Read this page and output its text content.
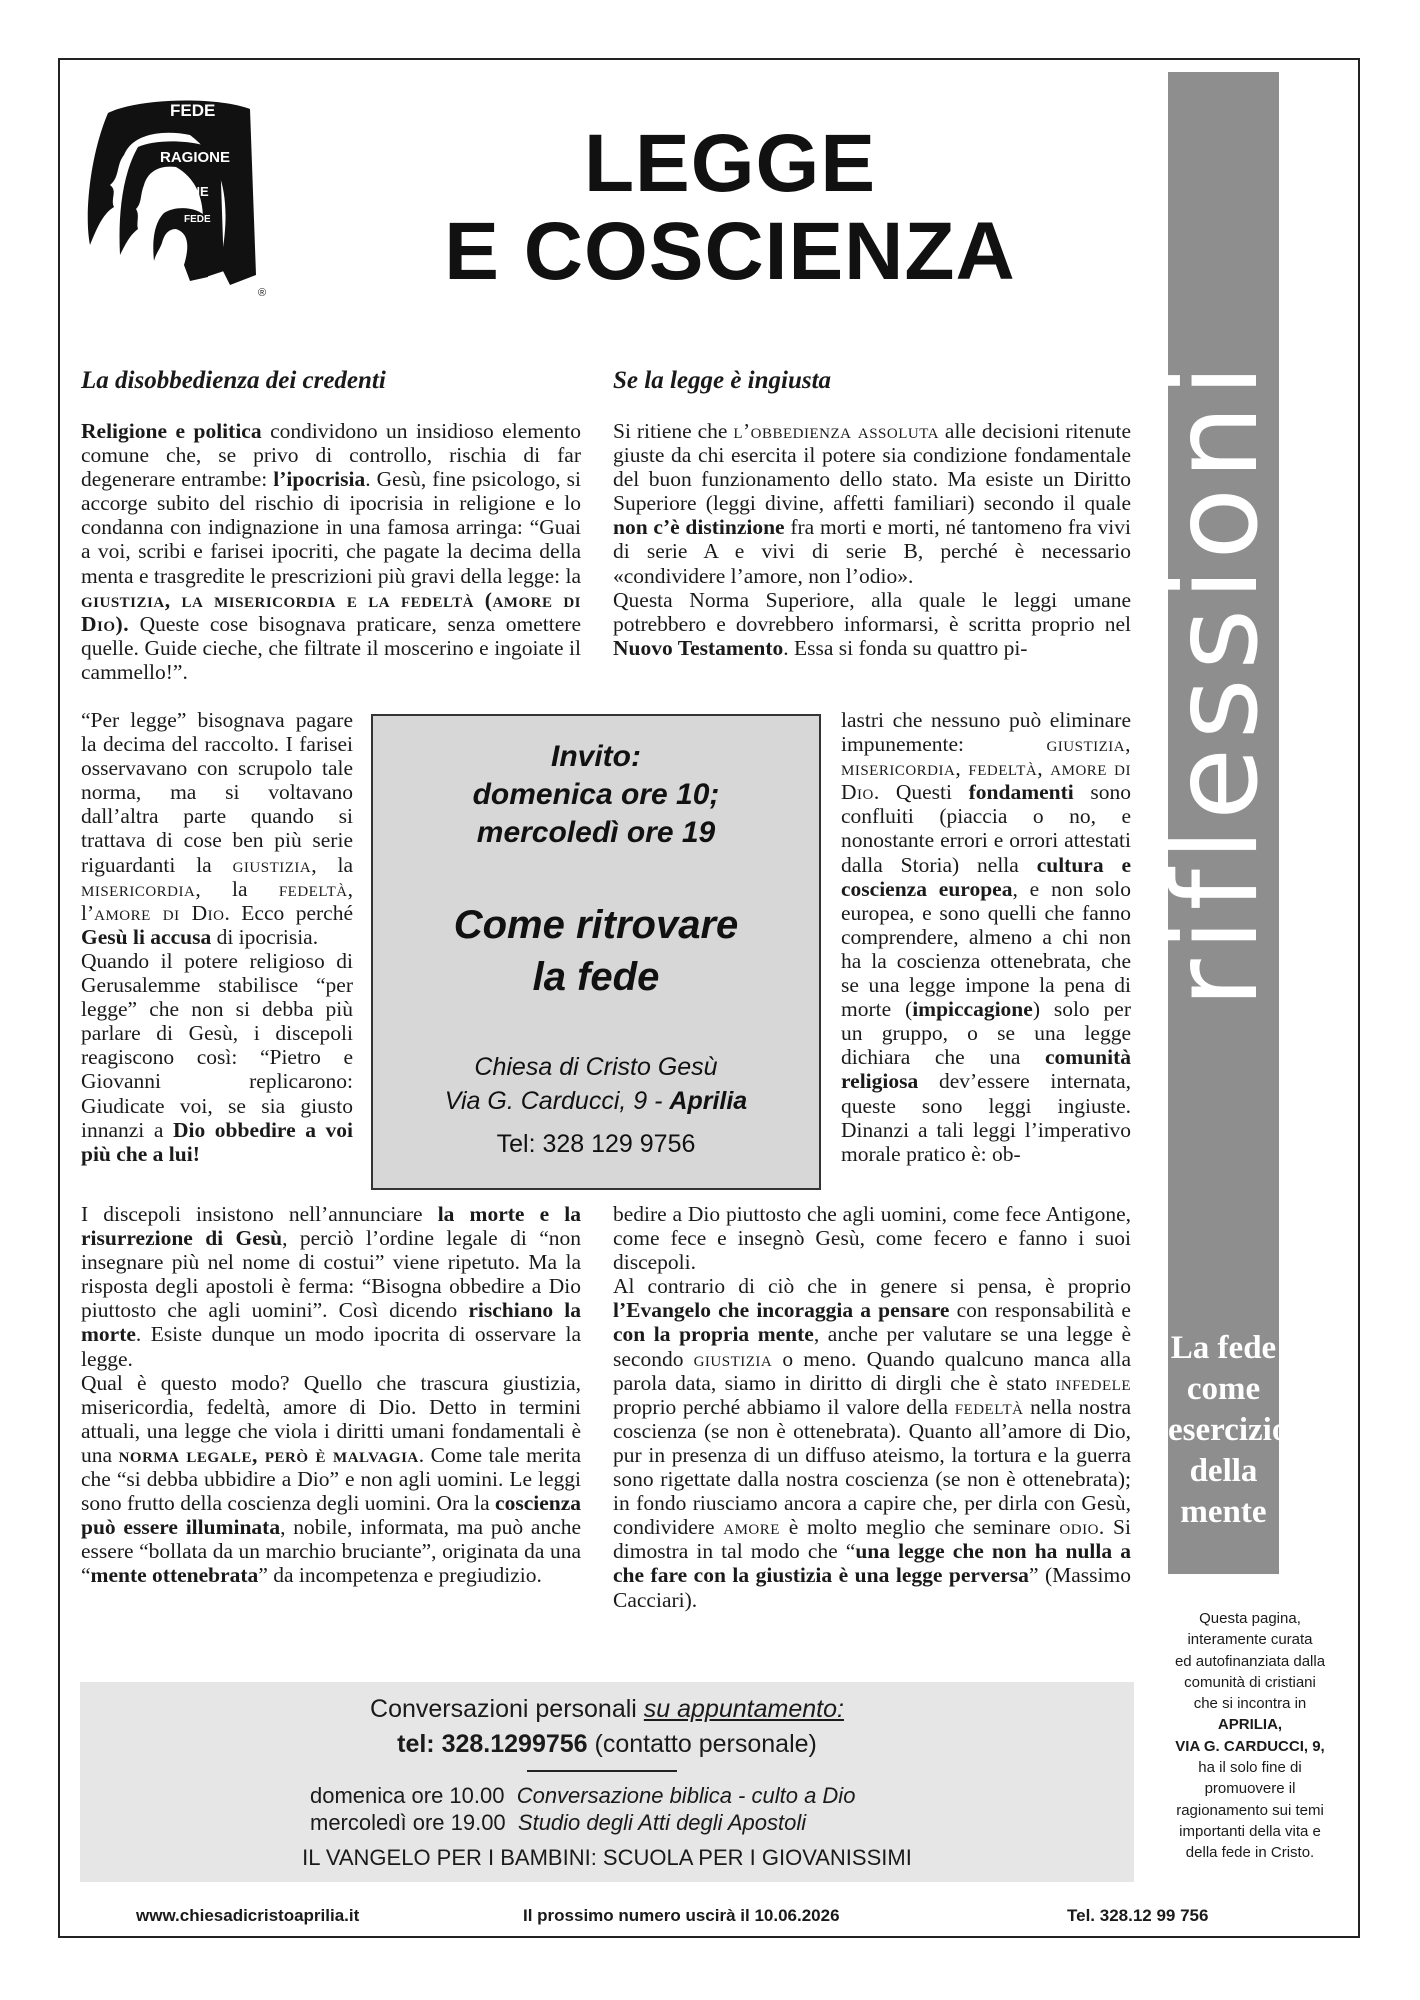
FEDE
RAGIONE
RAGIONE
FEDE
®
LEGGE
E COSCIENZA
La disobbedienza dei credenti

Religione e politica condividono un insidioso elemento comune che, se privo di controllo, rischia di far degenerare entrambe: l’ipocrisia. Gesù, fine psicologo, si accorge subito del rischio di ipocrisia in religione e lo condanna con indignazione in una famosa arringa: “Guai a voi, scribi e farisei ipocriti, che pagate la decima della menta e trasgredite le prescrizioni più gravi della legge: la giustizia, la misericordia e la fedeltà (amore di Dio). Queste cose bisognava praticare, senza omettere quelle. Guide cieche, che filtrate il moscerino e ingoiate il cammello!”.

“Per legge” bisognava pagare la decima del raccolto. I farisei osservavano con scrupolo tale norma, ma si voltavano dall’altra parte quando si trattava di cose ben più serie riguardanti la giustizia, la misericordia, la fedeltà, l’amore di Dio. Ecco perché Gesù li accusa di ipocrisia.

Quando il potere religioso di Gerusalemme stabilisce “per legge” che non si debba più parlare di Gesù, i discepoli reagiscono così: “Pietro e Giovanni replicarono: Giudicate voi, se sia giusto innanzi a Dio obbedire a voi più che a lui!

I discepoli insistono nell’annunciare la morte e la risurrezione di Gesù, perciò l’ordine legale di “non insegnare più nel nome di costui” viene ripetuto. Ma la risposta degli apostoli è ferma: “Bisogna obbedire a Dio piuttosto che agli uomini”. Così dicendo rischiano la morte. Esiste dunque un modo ipocrita di osservare la legge.

Qual è questo modo? Quello che trascura giustizia, misericordia, fedeltà, amore di Dio. Detto in termini attuali, una legge che viola i diritti umani fondamentali è una norma legale, però è malvagia. Come tale merita che “si debba ubbidire a Dio” e non agli uomini. Le leggi sono frutto della coscienza degli uomini. Ora la coscienza può essere illuminata, nobile, informata, ma può anche essere “bollata da un marchio bruciante”, originata da una “mente ottenebrata” da incompetenza e pregiudizio.

Se la legge è ingiusta

Si ritiene che l’obbedienza assoluta alle decisioni ritenute giuste da chi esercita il potere sia condizione fondamentale del buon funzionamento dello stato. Ma esiste un Diritto Superiore (leggi divine, affetti familiari) secondo il quale non c’è distinzione fra morti e morti, né tantomeno fra vivi di serie A e vivi di serie B, perché è necessario «condividere l’amore, non l’odio».

Questa Norma Superiore, alla quale le leggi umane potrebbero e dovrebbero informarsi, è scritta proprio nel Nuovo Testamento. Essa si fonda su quattro pi-

lastri che nessuno può eliminare impunemente: giustizia, misericordia, fedeltà, amore di Dio. Questi fondamenti sono confluiti (piaccia o no, e nonostante errori e orrori attestati dalla Storia) nella cultura e coscienza europea, e non solo europea, e sono quelli che fanno comprendere, almeno a chi non ha la coscienza ottenebrata, che se una legge impone la pena di morte (impiccagione) solo per un gruppo, o se una legge dichiara che una comunità religiosa dev’essere internata, queste sono leggi ingiuste. Dinanzi a tali leggi l’imperativo morale pratico è: ob-

bedire a Dio piuttosto che agli uomini, come fece Antigone, come fece e insegnò Gesù, come fecero e fanno i suoi discepoli.

Al contrario di ciò che in genere si pensa, è proprio l’Evangelo che incoraggia a pensare con responsabilità e con la propria mente, anche per valutare se una legge è secondo giustizia o meno. Quando qualcuno manca alla parola data, siamo in diritto di dirgli che è stato infedele proprio perché abbiamo il valore della fedeltà nella nostra coscienza (se non è ottenebrata). Quanto all’amore di Dio, pur in presenza di un diffuso ateismo, la tortura e la guerra sono rigettate dalla nostra coscienza (se non è ottenebrata); in fondo riusciamo ancora a capire che, per dirla con Gesù, condividere amore è molto meglio che seminare odio. Si dimostra in tal modo che “una legge che non ha nulla a che fare con la giustizia è una legge perversa” (Massimo Cacciari).

Invito:
domenica ore 10;
mercoledì ore 19
Come ritrovare
la fede
Chiesa di Cristo Gesù
Via G. Carducci, 9 - Aprilia
Tel: 328 129 9756
riflessioni
La fede
come
esercizio
della
mente
Questa pagina,
interamente curata
ed autofinanziata dalla
comunità di cristiani
che si incontra in
APRILIA,
VIA G. CARDUCCI, 9,
ha il solo fine di
promuovere il
ragionamento sui temi
importanti della vita e
della fede in Cristo.
Conversazioni personali su appuntamento:
tel: 328.1299756 (contatto personale)
domenica ore 10.00 Conversazione biblica - culto a Dio
mercoledì ore 19.00 Studio degli Atti degli Apostoli
IL VANGELO PER I BAMBINI: SCUOLA PER I GIOVANISSIMI
www.chiesadicristoaprilia.it	Il prossimo numero uscirà il 10.06.2026	Tel. 328.12 99 756
